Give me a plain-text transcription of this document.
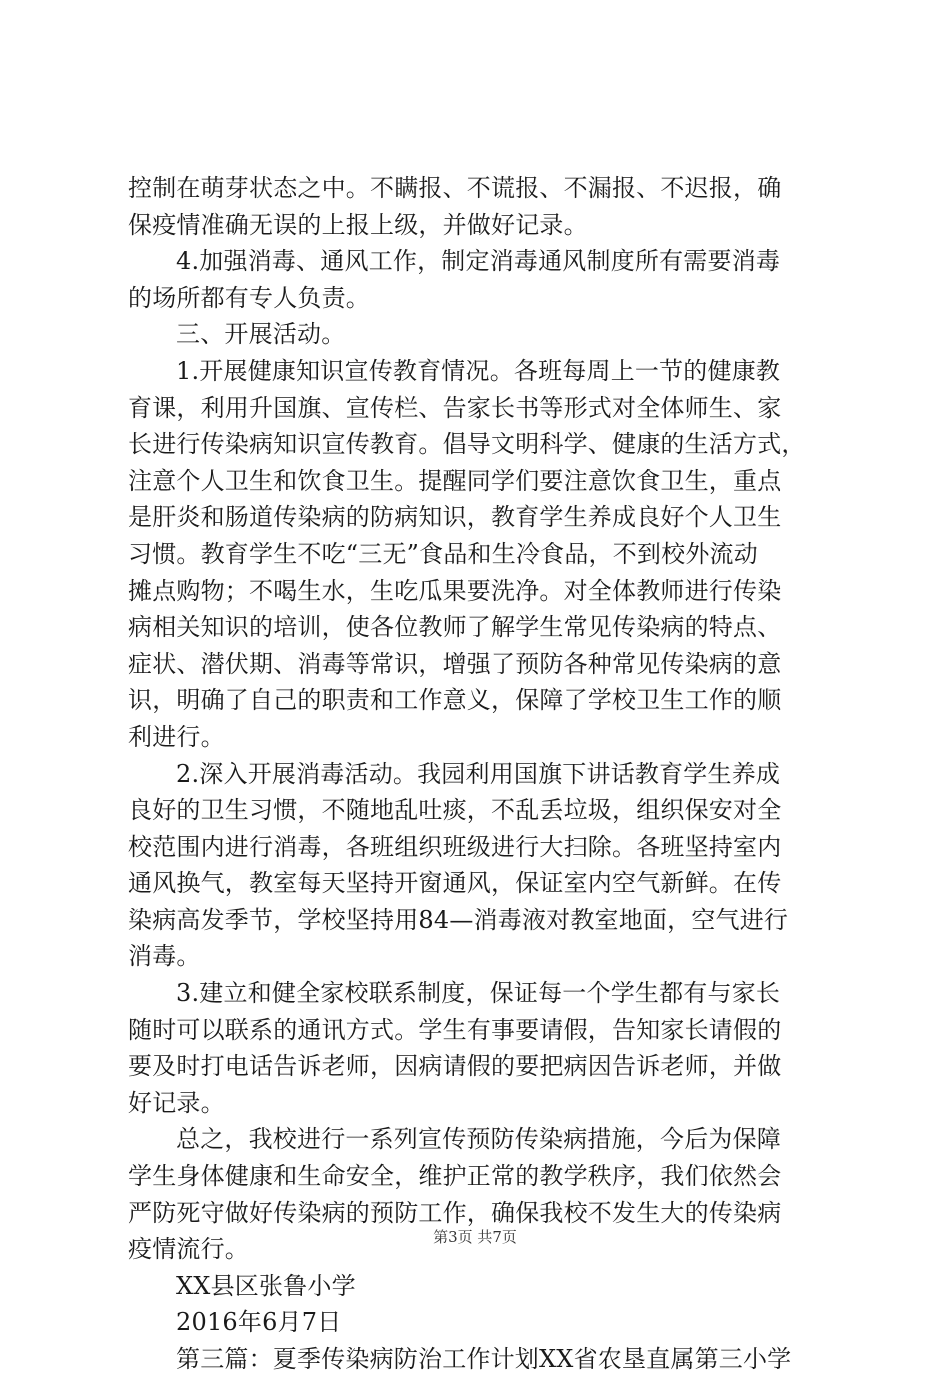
控制在萌芽状态之中。不瞒报、不谎报、不漏报、不迟报，确
保疫情准确无误的上报上级，并做好记录。
4.加强消毒、通风工作，制定消毒通风制度所有需要消毒
的场所都有专人负责。
三、开展活动。
1.开展健康知识宣传教育情况。各班每周上一节的健康教
育课，利用升国旗、宣传栏、告家长书等形式对全体师生、家
长进行传染病知识宣传教育。倡导文明科学、健康的生活方式，
注意个人卫生和饮食卫生。提醒同学们要注意饮食卫生，重点
是肝炎和肠道传染病的防病知识，教育学生养成良好个人卫生
习惯。教育学生不吃“三无”食品和生冷食品，不到校外流动
摊点购物；不喝生水，生吃瓜果要洗净。对全体教师进行传染
病相关知识的培训，使各位教师了解学生常见传染病的特点、
症状、潜伏期、消毒等常识，增强了预防各种常见传染病的意
识，明确了自己的职责和工作意义，保障了学校卫生工作的顺
利进行。
2.深入开展消毒活动。我园利用国旗下讲话教育学生养成
良好的卫生习惯，不随地乱吐痰，不乱丢垃圾，组织保安对全
校范围内进行消毒，各班组织班级进行大扫除。各班坚持室内
通风换气，教室每天坚持开窗通风，保证室内空气新鲜。在传
染病高发季节，学校坚持用84—消毒液对教室地面，空气进行
消毒。
3.建立和健全家校联系制度，保证每一个学生都有与家长
随时可以联系的通讯方式。学生有事要请假，告知家长请假的
要及时打电话告诉老师，因病请假的要把病因告诉老师，并做
好记录。
总之，我校进行一系列宣传预防传染病措施，今后为保障
学生身体健康和生命安全，维护正常的教学秩序，我们依然会
严防死守做好传染病的预防工作，确保我校不发生大的传染病
疫情流行。
XX县区张鲁小学
2016年6月7日
第三篇：夏季传染病防治工作计划XX省农垦直属第三小学
第3页 共7页
